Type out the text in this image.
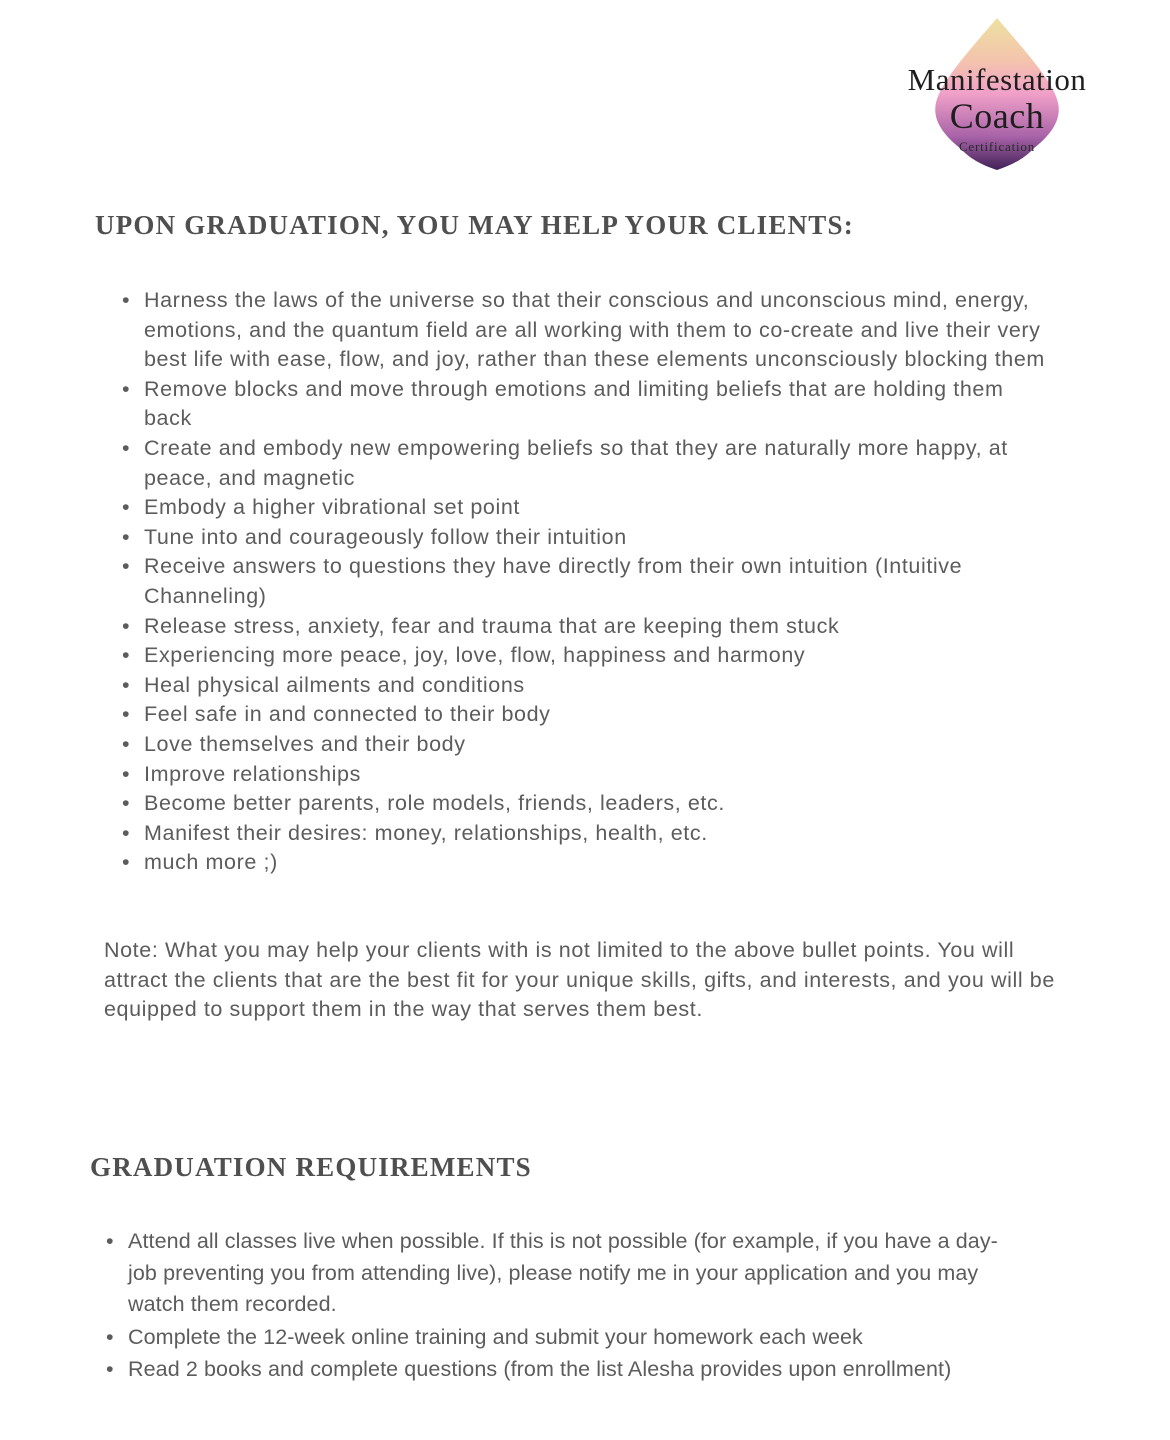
Manifestation
Coach
Certification
UPON GRADUATION, YOU MAY HELP YOUR CLIENTS:
• Harness the laws of the universe so that their conscious and unconscious mind, energy, emotions, and the quantum field are all working with them to co-create and live their very best life with ease, flow, and joy, rather than these elements unconsciously blocking them
• Remove blocks and move through emotions and limiting beliefs that are holding them back
• Create and embody new empowering beliefs so that they are naturally more happy, at peace, and magnetic
• Embody a higher vibrational set point
• Tune into and courageously follow their intuition
• Receive answers to questions they have directly from their own intuition (Intuitive Channeling)
• Release stress, anxiety, fear and trauma that are keeping them stuck
• Experiencing more peace, joy, love, flow, happiness and harmony
• Heal physical ailments and conditions
• Feel safe in and connected to their body
• Love themselves and their body
• Improve relationships
• Become better parents, role models, friends, leaders, etc.
• Manifest their desires: money, relationships, health, etc.
• much more ;)

Note: What you may help your clients with is not limited to the above bullet points. You will attract the clients that are the best fit for your unique skills, gifts, and interests, and you will be equipped to support them in the way that serves them best.

GRADUATION REQUIREMENTS
• Attend all classes live when possible. If this is not possible (for example, if you have a day-job preventing you from attending live), please notify me in your application and you may watch them recorded.
• Complete the 12-week online training and submit your homework each week
• Read 2 books and complete questions (from the list Alesha provides upon enrollment)
